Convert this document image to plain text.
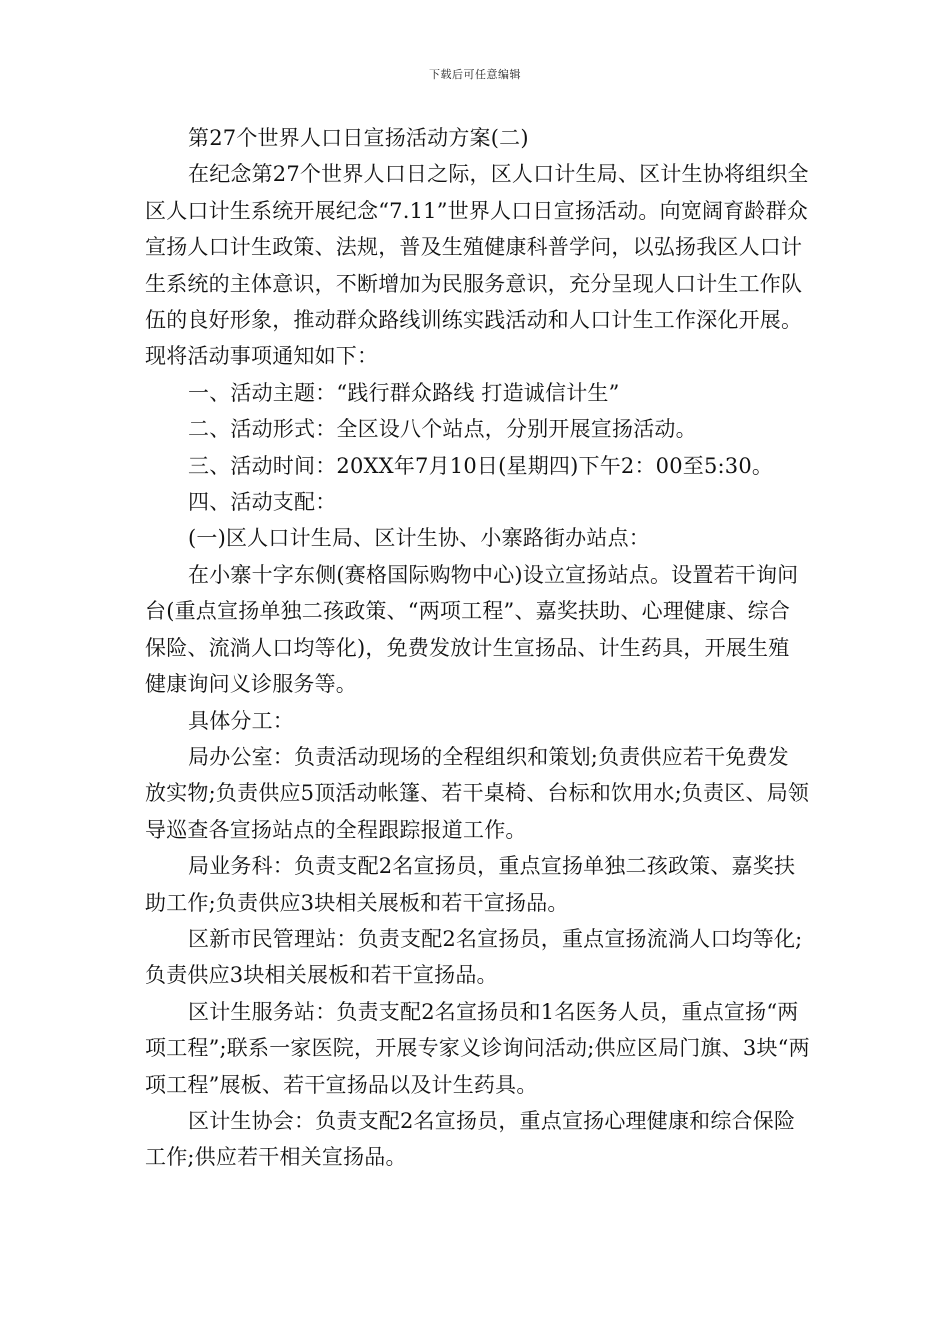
下载后可任意编辑

第27个世界人口日宣扬活动方案(二)

在纪念第27个世界人口日之际，区人口计生局、区计生协将组织全区人口计生系统开展纪念“7.11”世界人口日宣扬活动。向宽阔育龄群众宣扬人口计生政策、法规，普及生殖健康科普学问，以弘扬我区人口计生系统的主体意识，不断增加为民服务意识，充分呈现人口计生工作队伍的良好形象，推动群众路线训练实践活动和人口计生工作深化开展。现将活动事项通知如下：

一、活动主题：“践行群众路线 打造诚信计生”

二、活动形式：全区设八个站点，分别开展宣扬活动。

三、活动时间：20XX年7月10日(星期四)下午2：00至5:30。

四、活动支配：

(一)区人口计生局、区计生协、小寨路街办站点：

在小寨十字东侧(赛格国际购物中心)设立宣扬站点。设置若干询问台(重点宣扬单独二孩政策、“两项工程”、嘉奖扶助、心理健康、综合保险、流淌人口均等化)，免费发放计生宣扬品、计生药具，开展生殖健康询问义诊服务等。

具体分工：

局办公室：负责活动现场的全程组织和策划;负责供应若干免费发放实物;负责供应5顶活动帐篷、若干桌椅、台标和饮用水;负责区、局领导巡查各宣扬站点的全程跟踪报道工作。

局业务科：负责支配2名宣扬员，重点宣扬单独二孩政策、嘉奖扶助工作;负责供应3块相关展板和若干宣扬品。

区新市民管理站：负责支配2名宣扬员，重点宣扬流淌人口均等化;负责供应3块相关展板和若干宣扬品。

区计生服务站：负责支配2名宣扬员和1名医务人员，重点宣扬“两项工程”;联系一家医院，开展专家义诊询问活动;供应区局门旗、3块“两项工程”展板、若干宣扬品以及计生药具。

区计生协会：负责支配2名宣扬员，重点宣扬心理健康和综合保险工作;供应若干相关宣扬品。
